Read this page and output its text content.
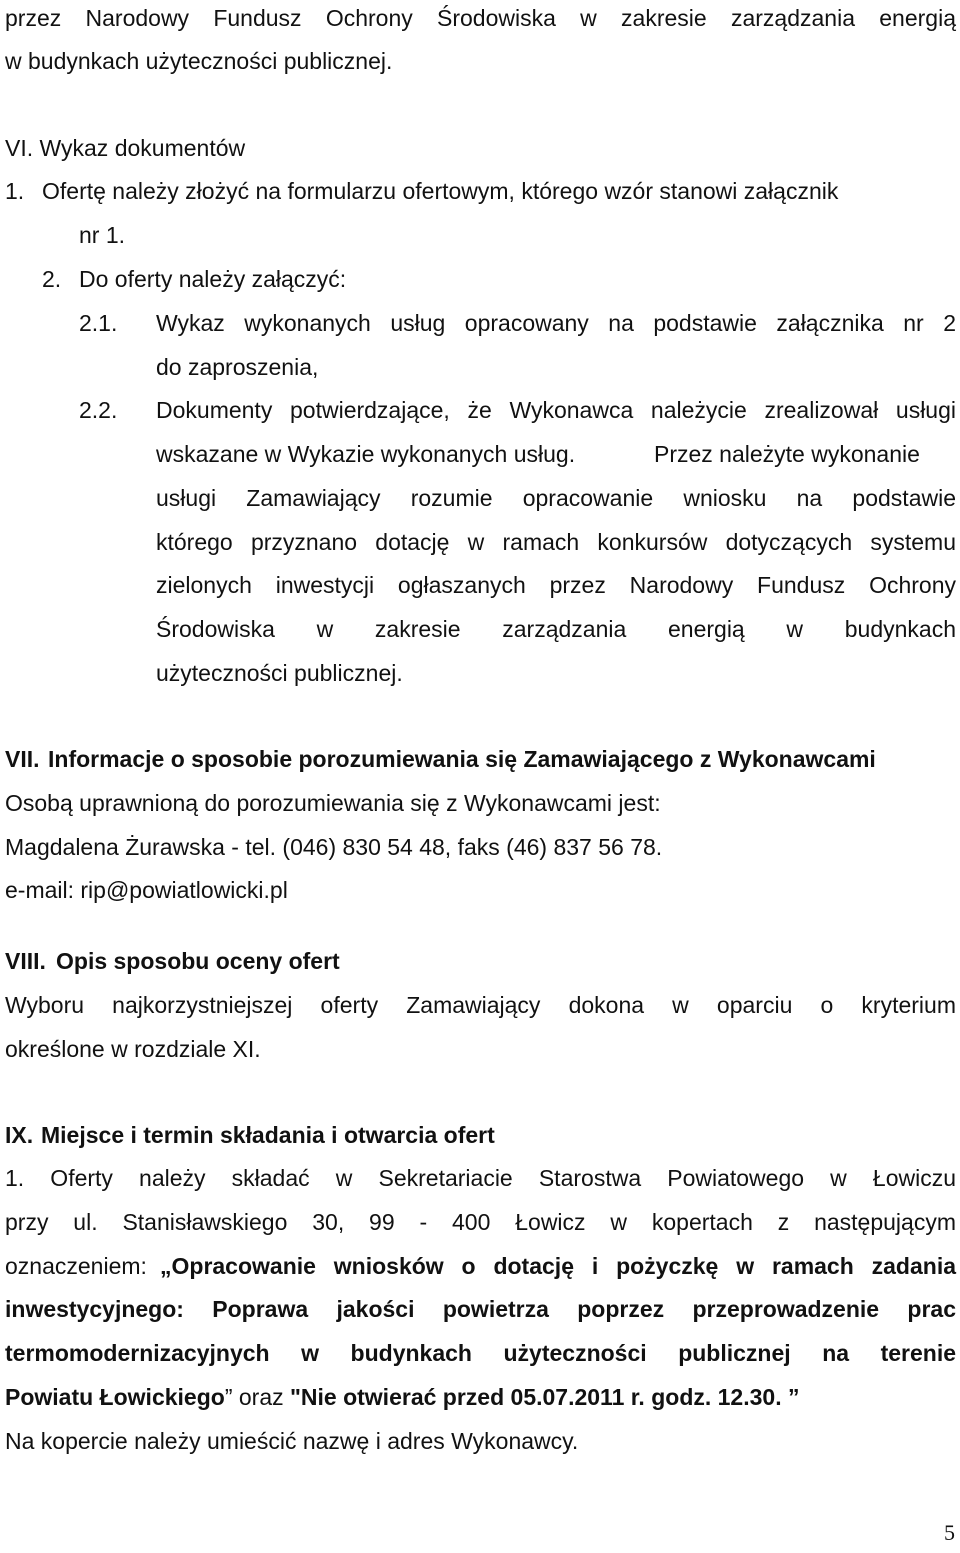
przez Narodowy Fundusz Ochrony Środowiska w zakresie zarządzania energią
w budynkach użyteczności publicznej.
VI. Wykaz dokumentów
1. Ofertę należy złożyć na formularzu ofertowym, którego wzór stanowi załącznik
nr 1.
2. Do oferty należy załączyć:
2.1. Wykaz wykonanych usług opracowany na podstawie załącznika nr 2
do zaproszenia,
2.2. Dokumenty potwierdzające, że Wykonawca należycie zrealizował usługi
wskazane w Wykazie wykonanych usług.	Przez należyte wykonanie
usługi Zamawiający rozumie opracowanie wniosku na podstawie
którego przyznano dotację w ramach konkursów dotyczących systemu
zielonych inwestycji ogłaszanych przez Narodowy Fundusz Ochrony
Środowiska w zakresie zarządzania energią w budynkach
użyteczności publicznej.
VII. Informacje o sposobie porozumiewania się Zamawiającego z Wykonawcami
Osobą uprawnioną do porozumiewania się z Wykonawcami jest:
Magdalena Żurawska - tel. (046) 830 54 48, faks (46) 837 56 78.
e-mail: rip@powiatlowicki.pl
VIII. Opis sposobu oceny ofert
Wyboru najkorzystniejszej oferty Zamawiający dokona w oparciu o kryterium
określone w rozdziale XI.
IX. Miejsce i termin składania i otwarcia ofert
1. Oferty należy składać w Sekretariacie Starostwa Powiatowego w Łowiczu
przy ul. Stanisławskiego 30, 99 - 400 Łowicz w kopertach z następującym
oznaczeniem: „Opracowanie wniosków o dotację i pożyczkę w ramach zadania
inwestycyjnego: Poprawa jakości powietrza poprzez przeprowadzenie prac
termomodernizacyjnych w budynkach użyteczności publicznej na terenie
Powiatu Łowickiego” oraz "Nie otwierać przed 05.07.2011 r. godz. 12.30. ”
Na kopercie należy umieścić nazwę i adres Wykonawcy.
5
